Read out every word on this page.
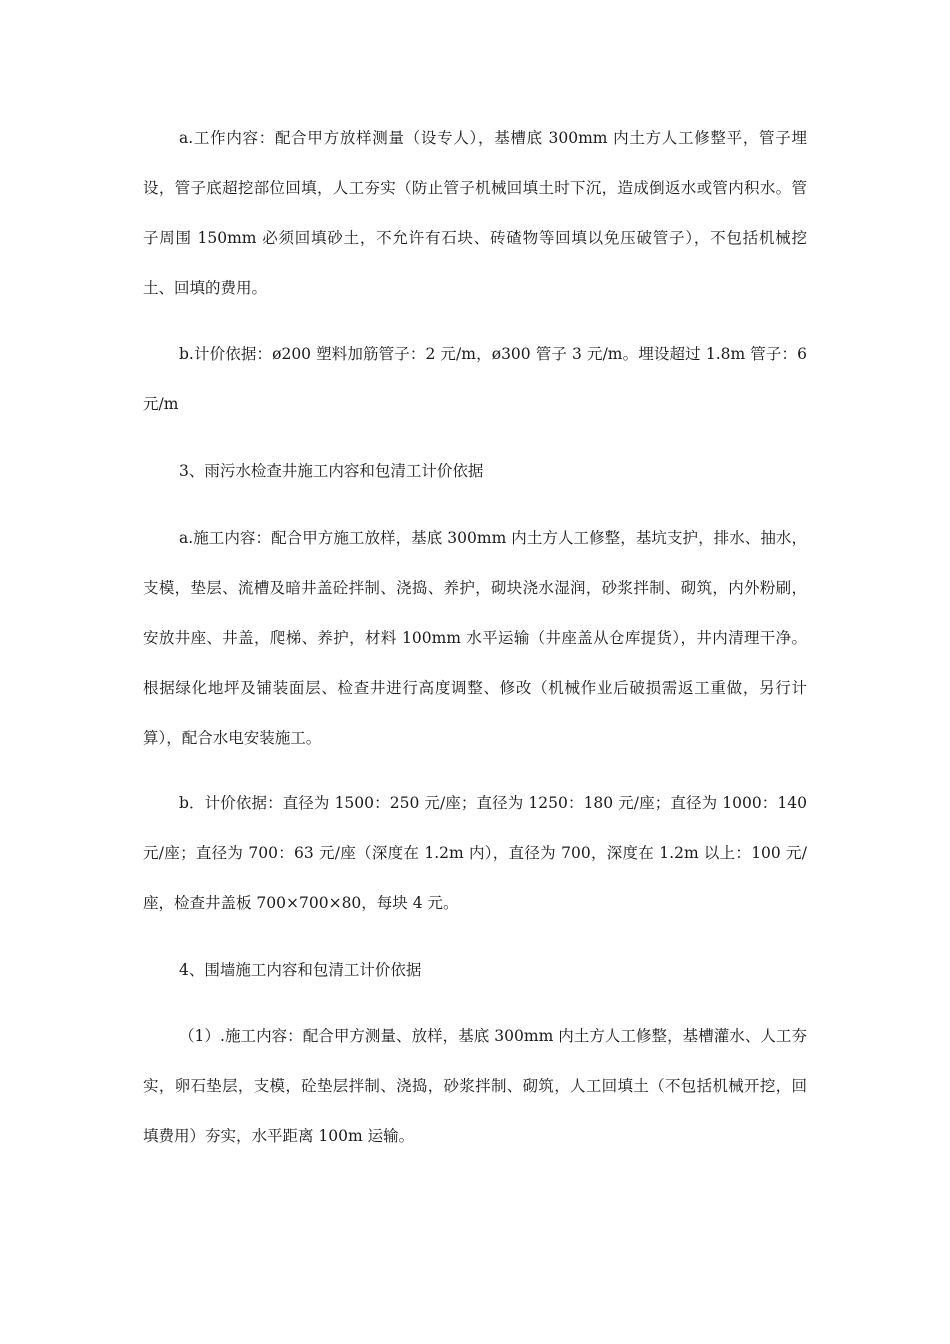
a.工作内容：配合甲方放样测量（设专人），基槽底 300mm 内土方人工修整平，管子埋设，管子底超挖部位回填，人工夯实（防止管子机械回填土时下沉，造成倒返水或管内积水。管子周围 150mm 必须回填砂土，不允许有石块、砖碴物等回填以免压破管子），不包括机械挖土、回填的费用。

b.计价依据：ø200 塑料加筋管子：2 元/m，ø300 管子 3 元/m。埋设超过 1.8m 管子：6 元/m

3、雨污水检查井施工内容和包清工计价依据

a.施工内容：配合甲方施工放样，基底 300mm 内土方人工修整，基坑支护，排水、抽水，支模，垫层、流槽及暗井盖砼拌制、浇捣、养护，砌块浇水湿润，砂浆拌制、砌筑，内外粉刷，安放井座、井盖，爬梯、养护，材料 100mm 水平运输（井座盖从仓库提货），井内清理干净。根据绿化地坪及铺装面层、检查井进行高度调整、修改（机械作业后破损需返工重做，另行计算），配合水电安装施工。

b．计价依据：直径为 1500：250 元/座；直径为 1250：180 元/座；直径为 1000：140 元/座；直径为 700：63 元/座（深度在 1.2m 内），直径为 700，深度在 1.2m 以上：100 元/座，检查井盖板 700×700×80，每块 4 元。

4、围墙施工内容和包清工计价依据

（1）.施工内容：配合甲方测量、放样，基底 300mm 内土方人工修整，基槽灌水、人工夯实，卵石垫层，支模，砼垫层拌制、浇捣，砂浆拌制、砌筑，人工回填土（不包括机械开挖，回填费用）夯实，水平距离 100m 运输。
